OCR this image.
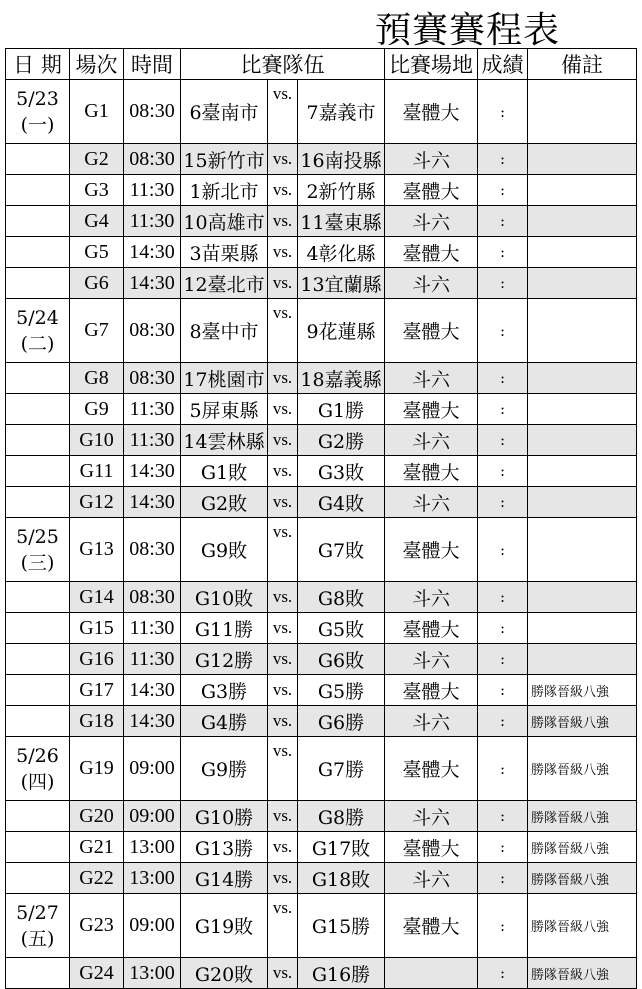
預賽賽程表
日 期	場次	時間	比賽隊伍			比賽場地	成績	備註

5/23
(一)	G1	08:30	6臺南市	vs.	7嘉義市	臺體大	:	

	G2	08:30	15新竹市	vs.	16南投縣	斗六	:	

	G3	11:30	1新北市	vs.	2新竹縣	臺體大	:	

	G4	11:30	10高雄市	vs.	11臺東縣	斗六	:	

	G5	14:30	3苗栗縣	vs.	4彰化縣	臺體大	:	

	G6	14:30	12臺北市	vs.	13宜蘭縣	斗六	:	

5/24
(二)	G7	08:30	8臺中市	vs.	9花蓮縣	臺體大	:	

	G8	08:30	17桃園市	vs.	18嘉義縣	斗六	:	

	G9	11:30	5屏東縣	vs.	G1勝	臺體大	:	

	G10	11:30	14雲林縣	vs.	G2勝	斗六	:	

	G11	14:30	G1敗	vs.	G3敗	臺體大	:	

	G12	14:30	G2敗	vs.	G4敗	斗六	:	

5/25
(三)	G13	08:30	G9敗	vs.	G7敗	臺體大	:	

	G14	08:30	G10敗	vs.	G8敗	斗六	:	

	G15	11:30	G11勝	vs.	G5敗	臺體大	:	

	G16	11:30	G12勝	vs.	G6敗	斗六	:	

	G17	14:30	G3勝	vs.	G5勝	臺體大	:	勝隊晉級八強

	G18	14:30	G4勝	vs.	G6勝	斗六	:	勝隊晉級八強

5/26
(四)	G19	09:00	G9勝	vs.	G7勝	臺體大	:	勝隊晉級八強

	G20	09:00	G10勝	vs.	G8勝	斗六	:	勝隊晉級八強

	G21	13:00	G13勝	vs.	G17敗	臺體大	:	勝隊晉級八強

	G22	13:00	G14勝	vs.	G18敗	斗六	:	勝隊晉級八強

5/27
(五)	G23	09:00	G19敗	vs.	G15勝	臺體大	:	勝隊晉級八強

	G24	13:00	G20敗	vs.	G16勝		:	勝隊晉級八強
